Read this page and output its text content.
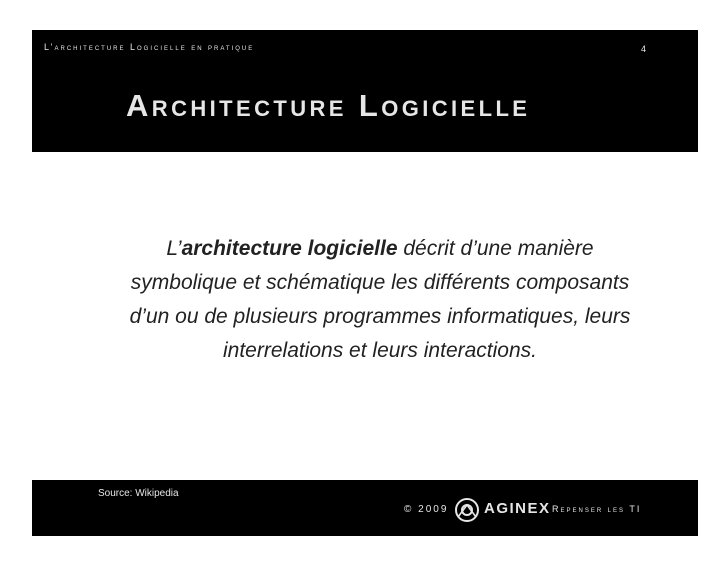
L’architecture Logicielle en pratique	4
Architecture Logicielle
L’architecture logicielle décrit d’une manière symbolique et schématique les différents composants d’un ou de plusieurs programmes informatiques, leurs interrelations et leurs interactions.
Source: Wikipedia
© 2009 AGINEX Repenser les TI
